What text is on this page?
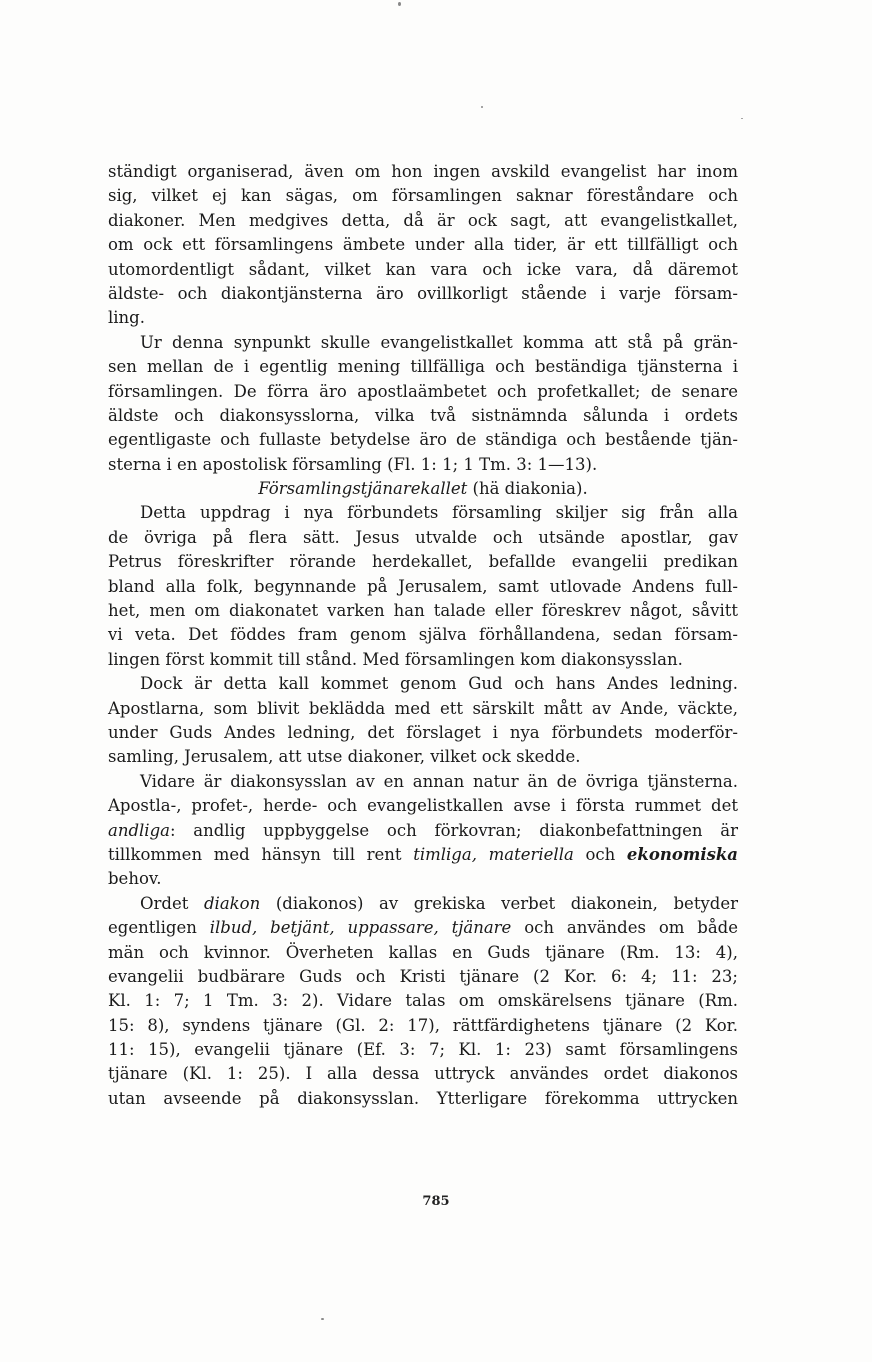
ständigt organiserad, även om hon ingen avskild evangelist har inom
sig, vilket ej kan sägas, om församlingen saknar föreståndare och
diakoner. Men medgives detta, då är ock sagt, att evangelistkallet,
om ock ett församlingens ämbete under alla tider, är ett tillfälligt och
utomordentligt sådant, vilket kan vara och icke vara, då däremot
äldste- och diakontjänsterna äro ovillkorligt stående i varje försam-
ling.
Ur denna synpunkt skulle evangelistkallet komma att stå på grän-
sen mellan de i egentlig mening tillfälliga och beständiga tjänsterna i
församlingen. De förra äro apostlaämbetet och profetkallet; de senare
äldste och diakonsysslorna, vilka två sistnämnda sålunda i ordets
egentligaste och fullaste betydelse äro de ständiga och bestående tjän-
sterna i en apostolisk församling (Fl. 1: 1; 1 Tm. 3: 1—13).
Församlingstjänarekallet (hä diakonia).
Detta uppdrag i nya förbundets församling skiljer sig från alla
de övriga på flera sätt. Jesus utvalde och utsände apostlar, gav
Petrus föreskrifter rörande herdekallet, befallde evangelii predikan
bland alla folk, begynnande på Jerusalem, samt utlovade Andens full-
het, men om diakonatet varken han talade eller föreskrev något, såvitt
vi veta. Det föddes fram genom själva förhållandena, sedan försam-
lingen först kommit till stånd. Med församlingen kom diakonsysslan.
Dock är detta kall kommet genom Gud och hans Andes ledning.
Apostlarna, som blivit beklädda med ett särskilt mått av Ande, väckte,
under Guds Andes ledning, det förslaget i nya förbundets moderför-
samling, Jerusalem, att utse diakoner, vilket ock skedde.
Vidare är diakonsysslan av en annan natur än de övriga tjänsterna.
Apostla-, profet-, herde- och evangelistkallen avse i första rummet det
andliga: andlig uppbyggelse och förkovran; diakonbefattningen är
tillkommen med hänsyn till rent timliga, materiella och ekonomiska
behov.
Ordet diakon (diakonos) av grekiska verbet diakonein, betyder
egentligen ilbud, betjänt, uppassare, tjänare och användes om både
män och kvinnor. Överheten kallas en Guds tjänare (Rm. 13: 4),
evangelii budbärare Guds och Kristi tjänare (2 Kor. 6: 4; 11: 23;
Kl. 1: 7; 1 Tm. 3: 2). Vidare talas om omskärelsens tjänare (Rm.
15: 8), syndens tjänare (Gl. 2: 17), rättfärdighetens tjänare (2 Kor.
11: 15), evangelii tjänare (Ef. 3: 7; Kl. 1: 23) samt församlingens
tjänare (Kl. 1: 25). I alla dessa uttryck användes ordet diakonos
utan avseende på diakonsysslan. Ytterligare förekomma uttrycken
785
